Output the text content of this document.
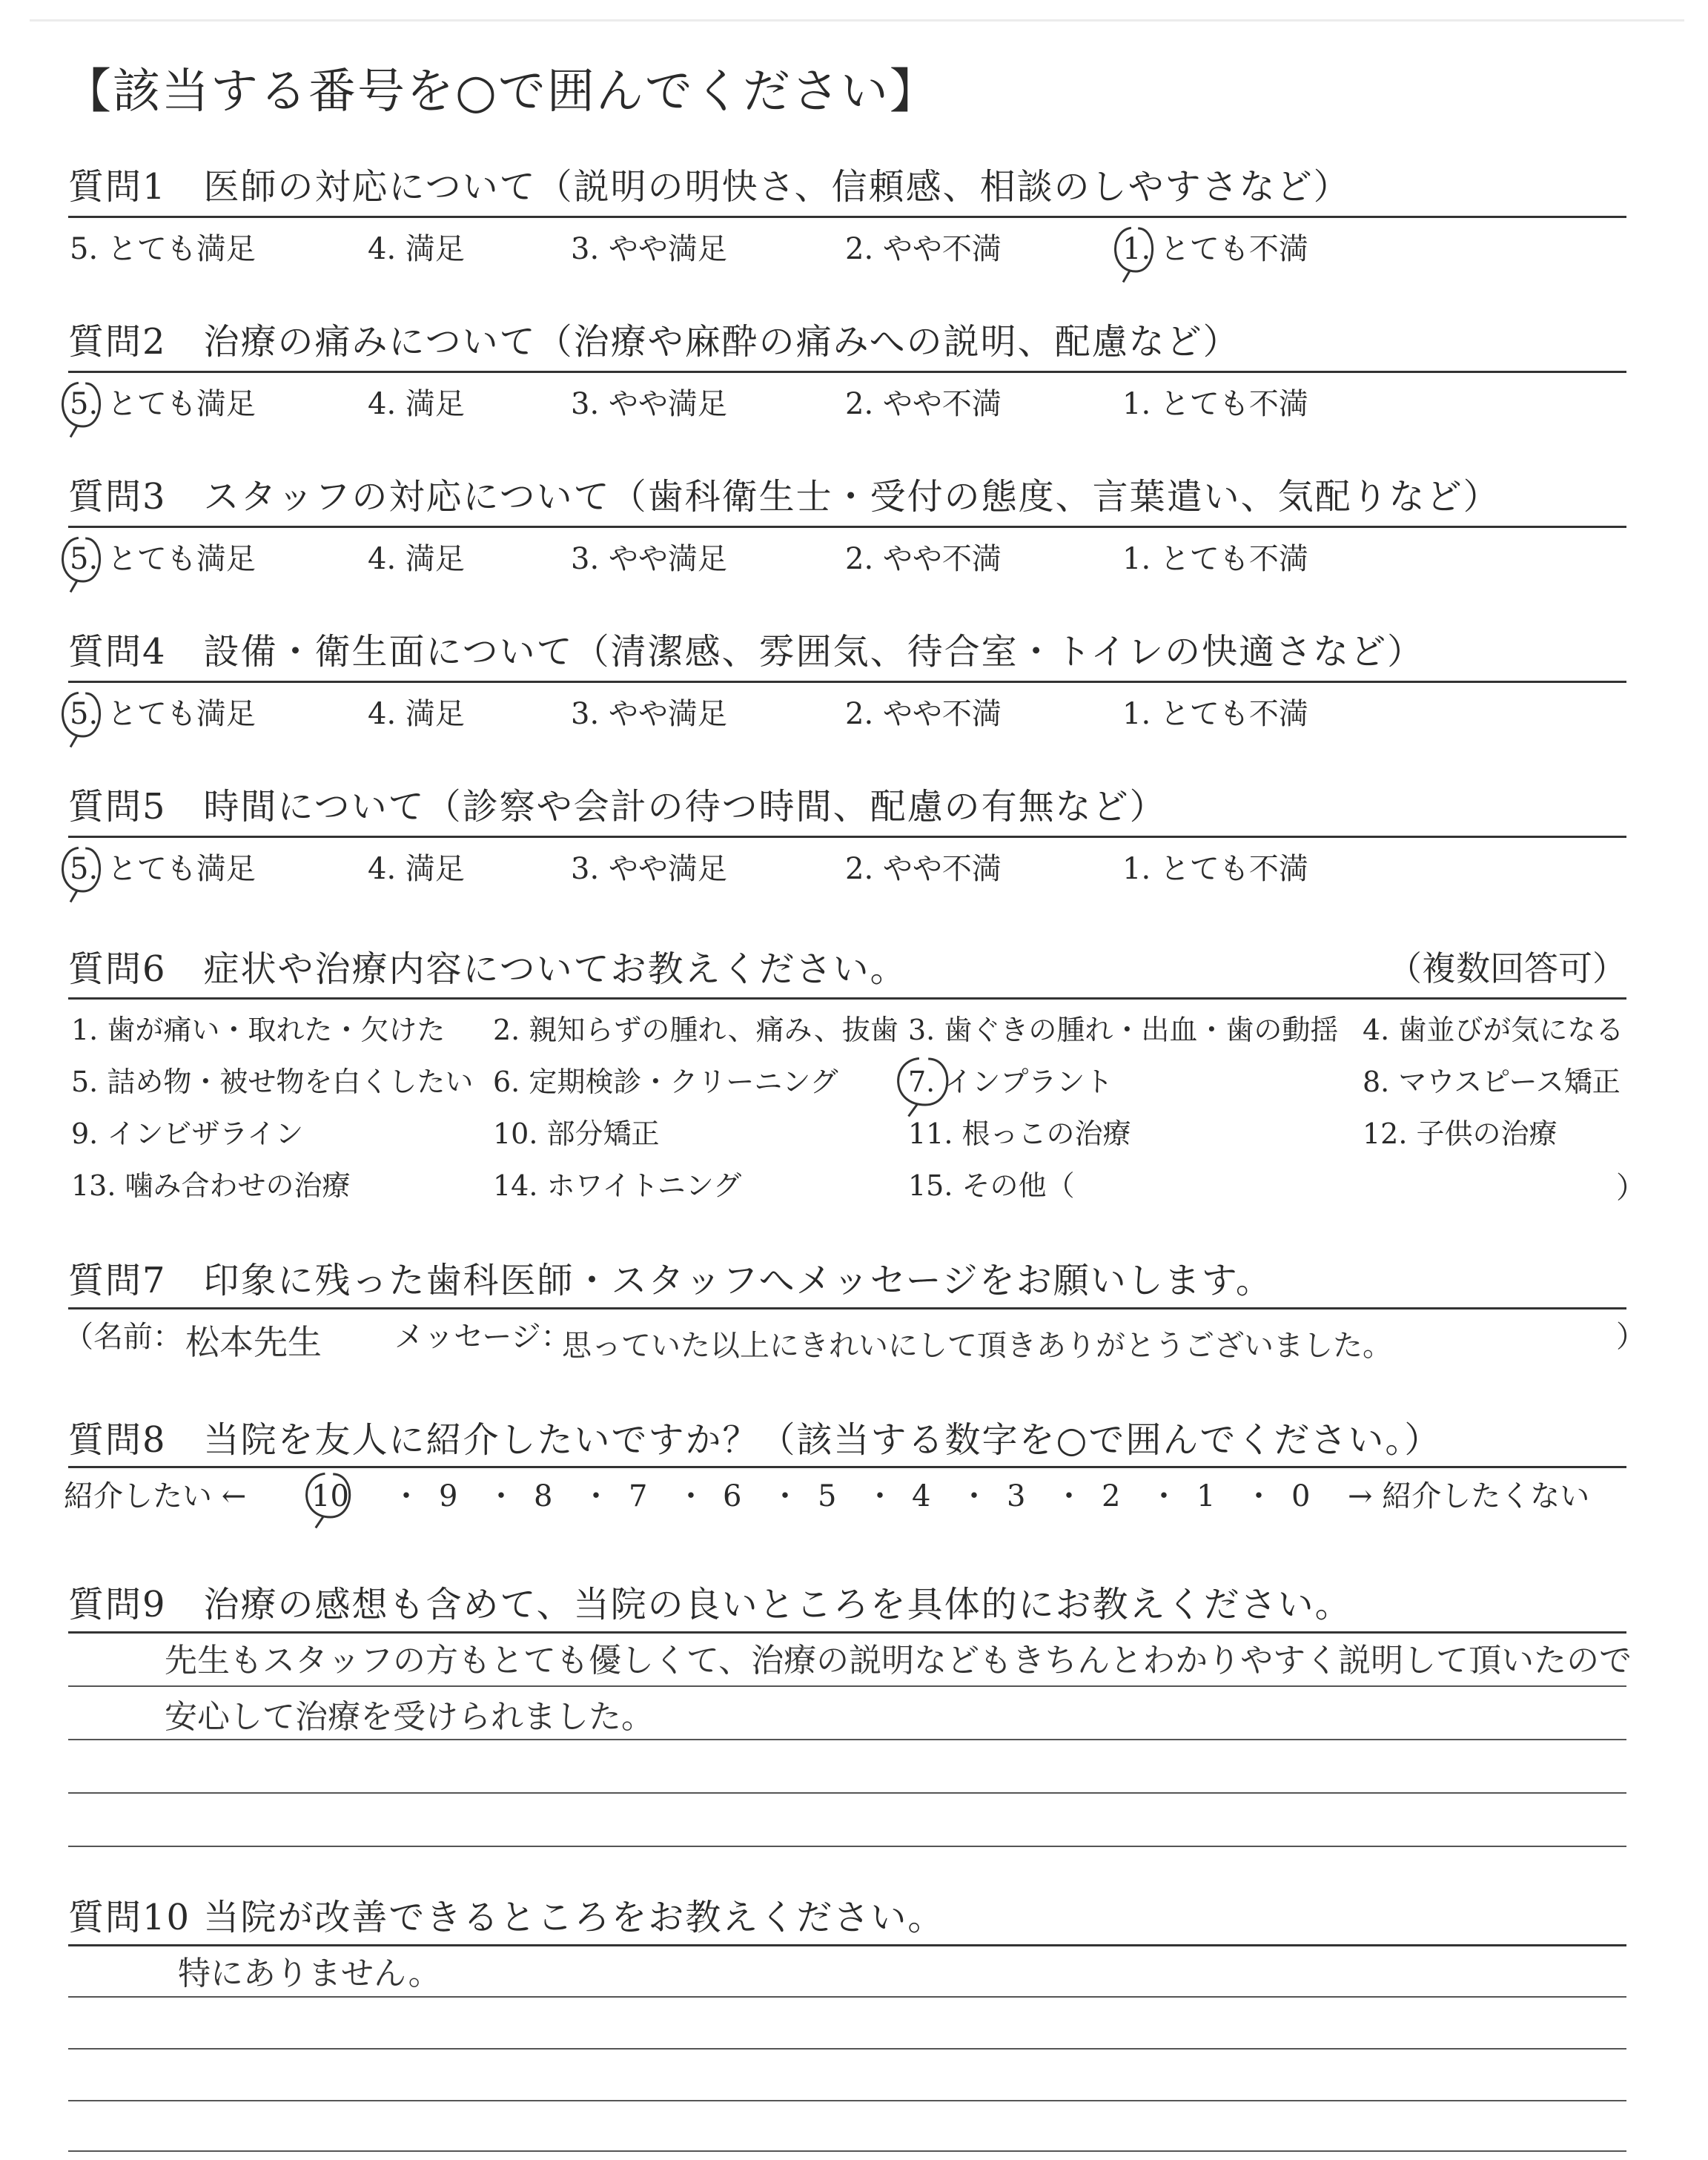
【該当する番号を○で囲んでください】
質問1　医師の対応について（説明の明快さ、信頼感、相談のしやすさなど）
5. とても満足	4. 満足	3. やや満足	2. やや不満	1. とても不満
質問2　治療の痛みについて（治療や麻酔の痛みへの説明、配慮など）
5. とても満足	4. 満足	3. やや満足	2. やや不満	1. とても不満
質問3　スタッフの対応について（歯科衛生士・受付の態度、言葉遣い、気配りなど）
5. とても満足	4. 満足	3. やや満足	2. やや不満	1. とても不満
質問4　設備・衛生面について（清潔感、雰囲気、待合室・トイレの快適さなど）
5. とても満足	4. 満足	3. やや満足	2. やや不満	1. とても不満
質問5　時間について（診察や会計の待つ時間、配慮の有無など）
5. とても満足	4. 満足	3. やや満足	2. やや不満	1. とても不満
質問6　症状や治療内容についてお教えください。	（複数回答可）
1. 歯が痛い・取れた・欠けた 2. 親知らずの腫れ、痛み、抜歯 3. 歯ぐきの腫れ・出血・歯の動揺 4. 歯並びが気になる
5. 詰め物・被せ物を白くしたい 6. 定期検診・クリーニング 7. インプラント	8. マウスピース矯正
9. インビザライン	10. 部分矯正	11. 根っこの治療	12. 子供の治療
13. 噛み合わせの治療	14. ホワイトニング	15. その他（	）
質問7　印象に残った歯科医師・スタッフへメッセージをお願いします。
（名前： 松本先生 メッセージ：
思っていた以上にきれいにして頂きありがとうございました。	）
質問8　当院を友人に紹介したいですか？（該当する数字を○で囲んでください。）
紹介したい ←	→ 紹介したくない
10 ・ 9 ・ 8 ・ 7 ・ 6 ・ 5 ・ 4 ・ 3 ・ 2 ・ 1 ・ 0
質問9　治療の感想も含めて、当院の良いところを具体的にお教えください。
先生もスタッフの方もとても優しくて、治療の説明などもきちんとわかりやすく説明して頂いたので
安心して治療を受けられました。
質問10 当院が改善できるところをお教えください。
特にありません。
